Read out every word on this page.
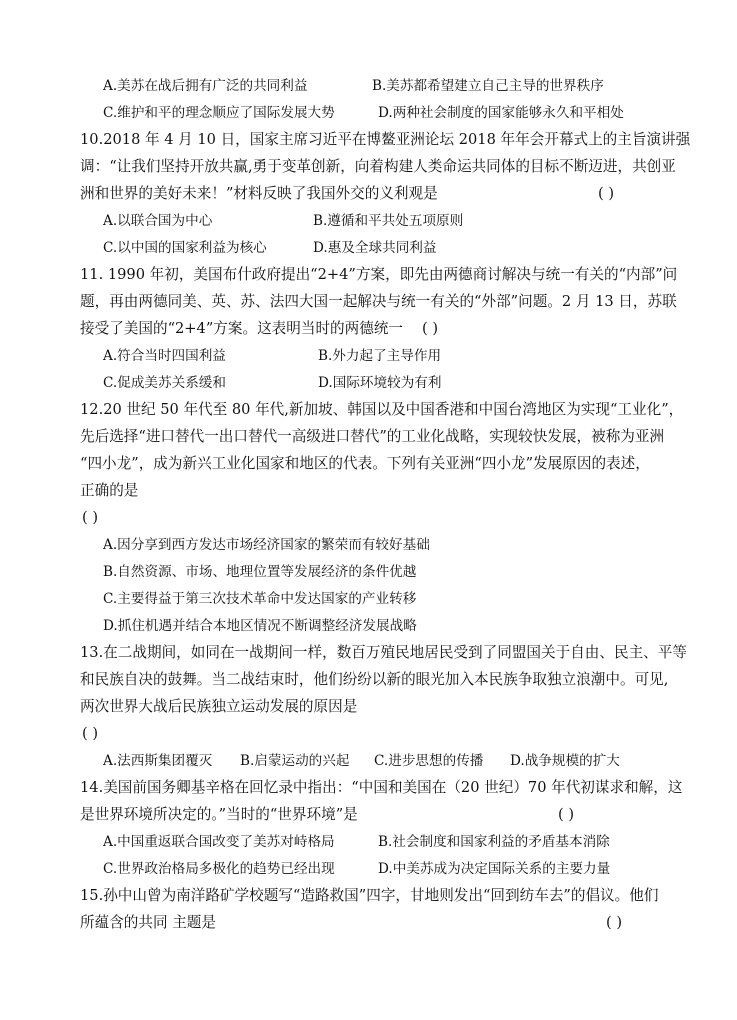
A.美苏在战后拥有广泛的共同利益	B.美苏都希望建立自己主导的世界秩序
C.维护和平的理念顺应了国际发展大势	D.两种社会制度的国家能够永久和平相处
10.2018 年 4 月 10 日，国家主席习近平在博鳌亚洲论坛 2018 年年会开幕式上的主旨演讲强
调：“让我们坚持开放共赢,勇于变革创新，向着构建人类命运共同体的目标不断迈进，共创亚
洲和世界的美好未来！”材料反映了我国外交的义利观是	( )
A.以联合国为中心	B.遵循和平共处五项原则
C.以中国的国家利益为核心	D.惠及全球共同利益
11. 1990 年初，美国布什政府提出“2+4”方案，即先由两德商讨解决与统一有关的“内部”问
题，再由两德同美、英、苏、法四大国一起解决与统一有关的“外部”问题。2 月 13 日，苏联
接受了美国的“2+4”方案。这表明当时的两德统一 ( )
A.符合当时四国利益	B.外力起了主导作用
C.促成美苏关系缓和	D.国际环境较为有利
12.20 世纪 50 年代至 80 年代,新加坡、韩国以及中国香港和中国台湾地区为实现“工业化”，
先后选择“进口替代一出口替代一高级进口替代”的工业化战略，实现较快发展，被称为亚洲
“四小龙”，成为新兴工业化国家和地区的代表。下列有关亚洲“四小龙”发展原因的表述，
正确的是
( )
A.因分享到西方发达市场经济国家的繁荣而有较好基础
B.自然资源、市场、地理位置等发展经济的条件优越
C.主要得益于第三次技术革命中发达国家的产业转移
D.抓住机遇并结合本地区情况不断调整经济发展战略
13.在二战期间，如同在一战期间一样，数百万殖民地居民受到了同盟国关于自由、民主、平等
和民族自决的鼓舞。当二战结束时，他们纷纷以新的眼光加入本民族争取独立浪潮中。可见,
两次世界大战后民族独立运动发展的原因是
( )
A.法西斯集团覆灭 B.启蒙运动的兴起 C.进步思想的传播 D.战争规模的扩大
14.美国前国务卿基辛格在回忆录中指出：“中国和美国在（20 世纪）70 年代初谋求和解，这
是世界环境所决定的。”当时的“世界环境”是	( )
A.中国重返联合国改变了美苏对峙格局	B.社会制度和国家利益的矛盾基本消除
C.世界政治格局多极化的趋势已经出现	D.中美苏成为决定国际关系的主要力量
15.孙中山曾为南洋路矿学校题写“造路救国”四字，甘地则发出“回到纺车去”的倡议。他们
所蕴含的共同 主题是	( )
